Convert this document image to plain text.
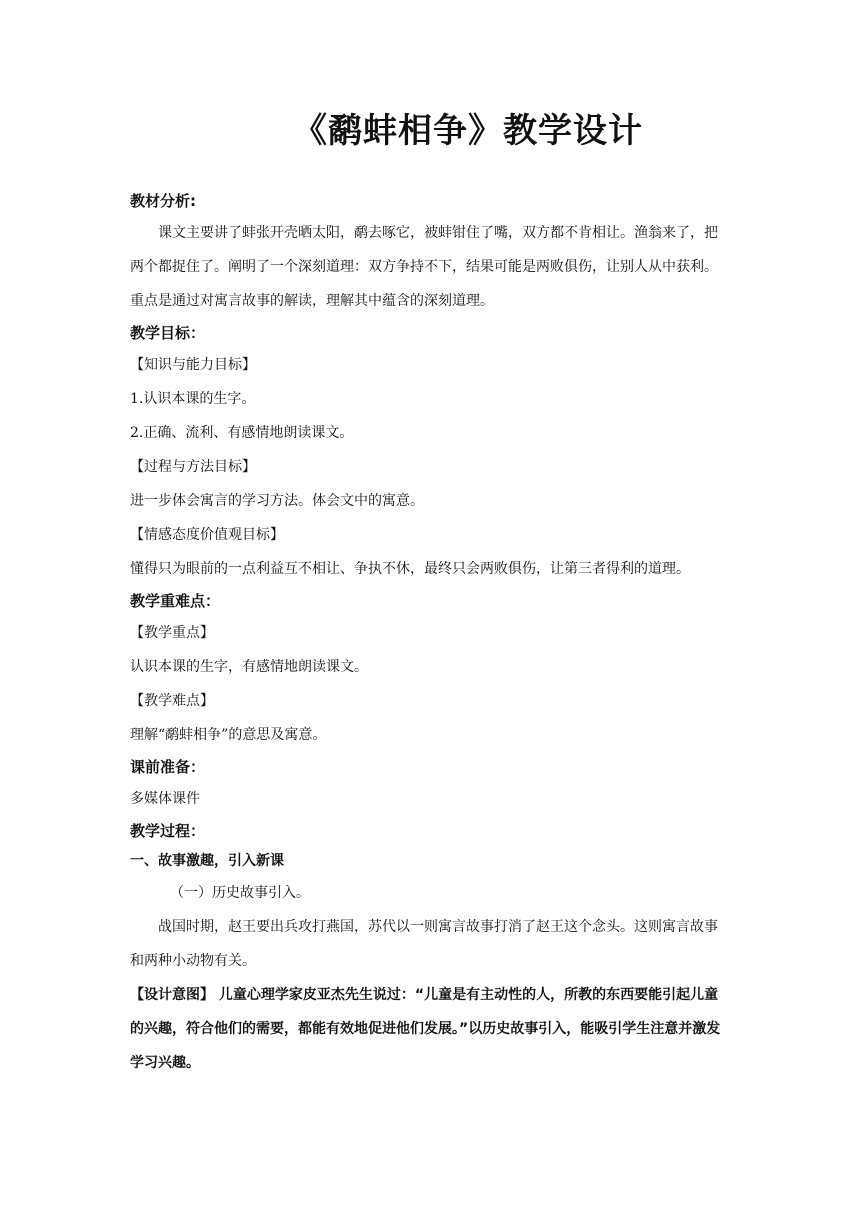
《鹬蚌相争》教学设计

教材分析:

课文主要讲了蚌张开壳晒太阳，鹬去啄它，被蚌钳住了嘴，双方都不肯相让。渔翁来了，把两个都捉住了。阐明了一个深刻道理：双方争持不下，结果可能是两败俱伤，让别人从中获利。重点是通过对寓言故事的解读，理解其中蕴含的深刻道理。

教学目标：

【知识与能力目标】

1.认识本课的生字。

2.正确、流利、有感情地朗读课文。

【过程与方法目标】

进一步体会寓言的学习方法。体会文中的寓意。

【情感态度价值观目标】

懂得只为眼前的一点利益互不相让、争执不休，最终只会两败俱伤，让第三者得利的道理。

教学重难点：

【教学重点】

认识本课的生字，有感情地朗读课文。

【教学难点】

理解“鹬蚌相争”的意思及寓意。

课前准备：

多媒体课件

教学过程：

一、故事激趣，引入新课

（一）历史故事引入。

战国时期，赵王要出兵攻打燕国，苏代以一则寓言故事打消了赵王这个念头。这则寓言故事和两种小动物有关。

【设计意图】 儿童心理学家皮亚杰先生说过：“儿童是有主动性的人，所教的东西要能引起儿童的兴趣，符合他们的需要，都能有效地促进他们发展。”以历史故事引入，能吸引学生注意并激发学习兴趣。
